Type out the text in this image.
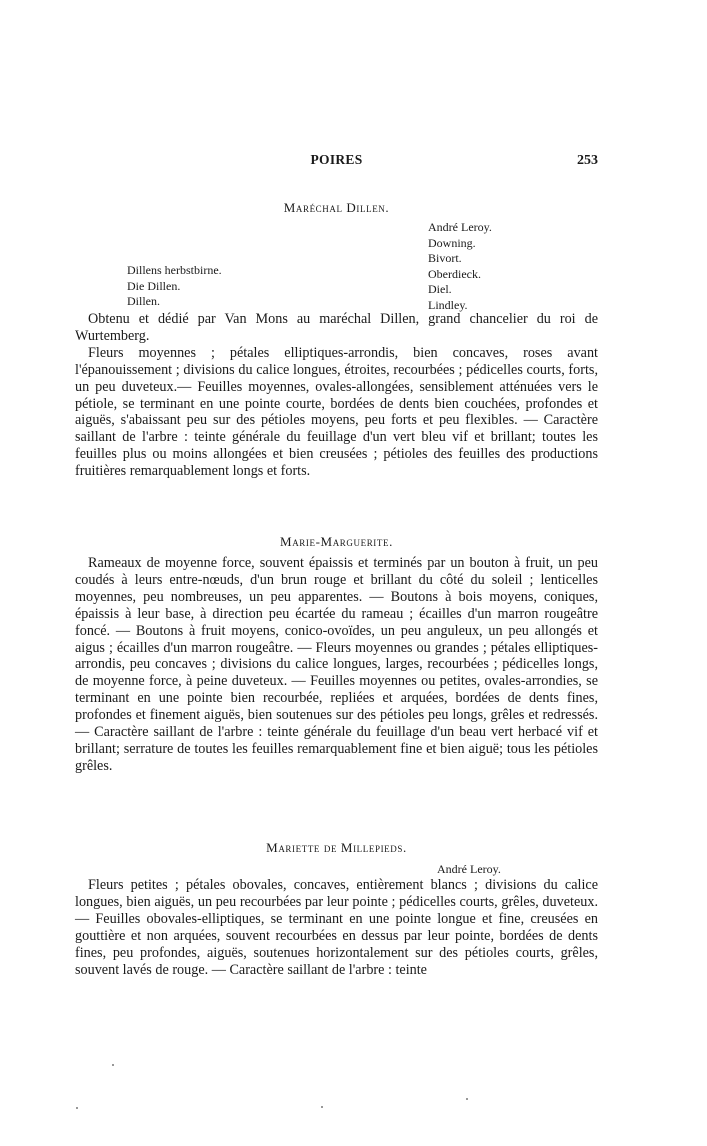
POIRES	253
Maréchal Dillen.
André Leroy.
Downing.
Bivort.
Oberdieck.
Diel.
Lindley.
Dillens herbstbirne.
Die Dillen.
Dillen.

Obtenu et dédié par Van Mons au maréchal Dillen, grand chancelier du roi de Wurtemberg.

Fleurs moyennes ; pétales elliptiques-arrondis, bien concaves, roses avant l'épanouissement ; divisions du calice longues, étroites, recourbées ; pédicelles courts, forts, un peu duveteux.— Feuilles moyennes, ovales-allongées, sensiblement atténuées vers le pétiole, se terminant en une pointe courte, bordées de dents bien couchées, profondes et aiguës, s'abaissant peu sur des pétioles moyens, peu forts et peu flexibles. — Caractère saillant de l'arbre : teinte générale du feuillage d'un vert bleu vif et brillant; toutes les feuilles plus ou moins allongées et bien creusées ; pétioles des feuilles des productions fruitières remarquablement longs et forts.

Marie-Marguerite.

Rameaux de moyenne force, souvent épaissis et terminés par un bouton à fruit, un peu coudés à leurs entre-nœuds, d'un brun rouge et brillant du côté du soleil ; lenticelles moyennes, peu nombreuses, un peu apparentes. — Boutons à bois moyens, coniques, épaissis à leur base, à direction peu écartée du rameau ; écailles d'un marron rougeâtre foncé. — Boutons à fruit moyens, conico-ovoïdes, un peu anguleux, un peu allongés et aigus ; écailles d'un marron rougeâtre. — Fleurs moyennes ou grandes ; pétales elliptiques-arrondis, peu concaves ; divisions du calice longues, larges, recourbées ; pédicelles longs, de moyenne force, à peine duveteux. — Feuilles moyennes ou petites, ovales-arrondies, se terminant en une pointe bien recourbée, repliées et arquées, bordées de dents fines, profondes et finement aiguës, bien soutenues sur des pétioles peu longs, grêles et redressés. — Caractère saillant de l'arbre : teinte générale du feuillage d'un beau vert herbacé vif et brillant; serrature de toutes les feuilles remarquablement fine et bien aiguë; tous les pétioles grêles.

Mariette de Millepieds.
André Leroy.

Fleurs petites ; pétales obovales, concaves, entièrement blancs ; divisions du calice longues, bien aiguës, un peu recourbées par leur pointe ; pédicelles courts, grêles, duveteux. — Feuilles obovales-elliptiques, se terminant en une pointe longue et fine, creusées en gouttière et non arquées, souvent recourbées en dessus par leur pointe, bordées de dents fines, peu profondes, aiguës, soutenues horizontalement sur des pétioles courts, grêles, souvent lavés de rouge. — Caractère saillant de l'arbre : teinte
